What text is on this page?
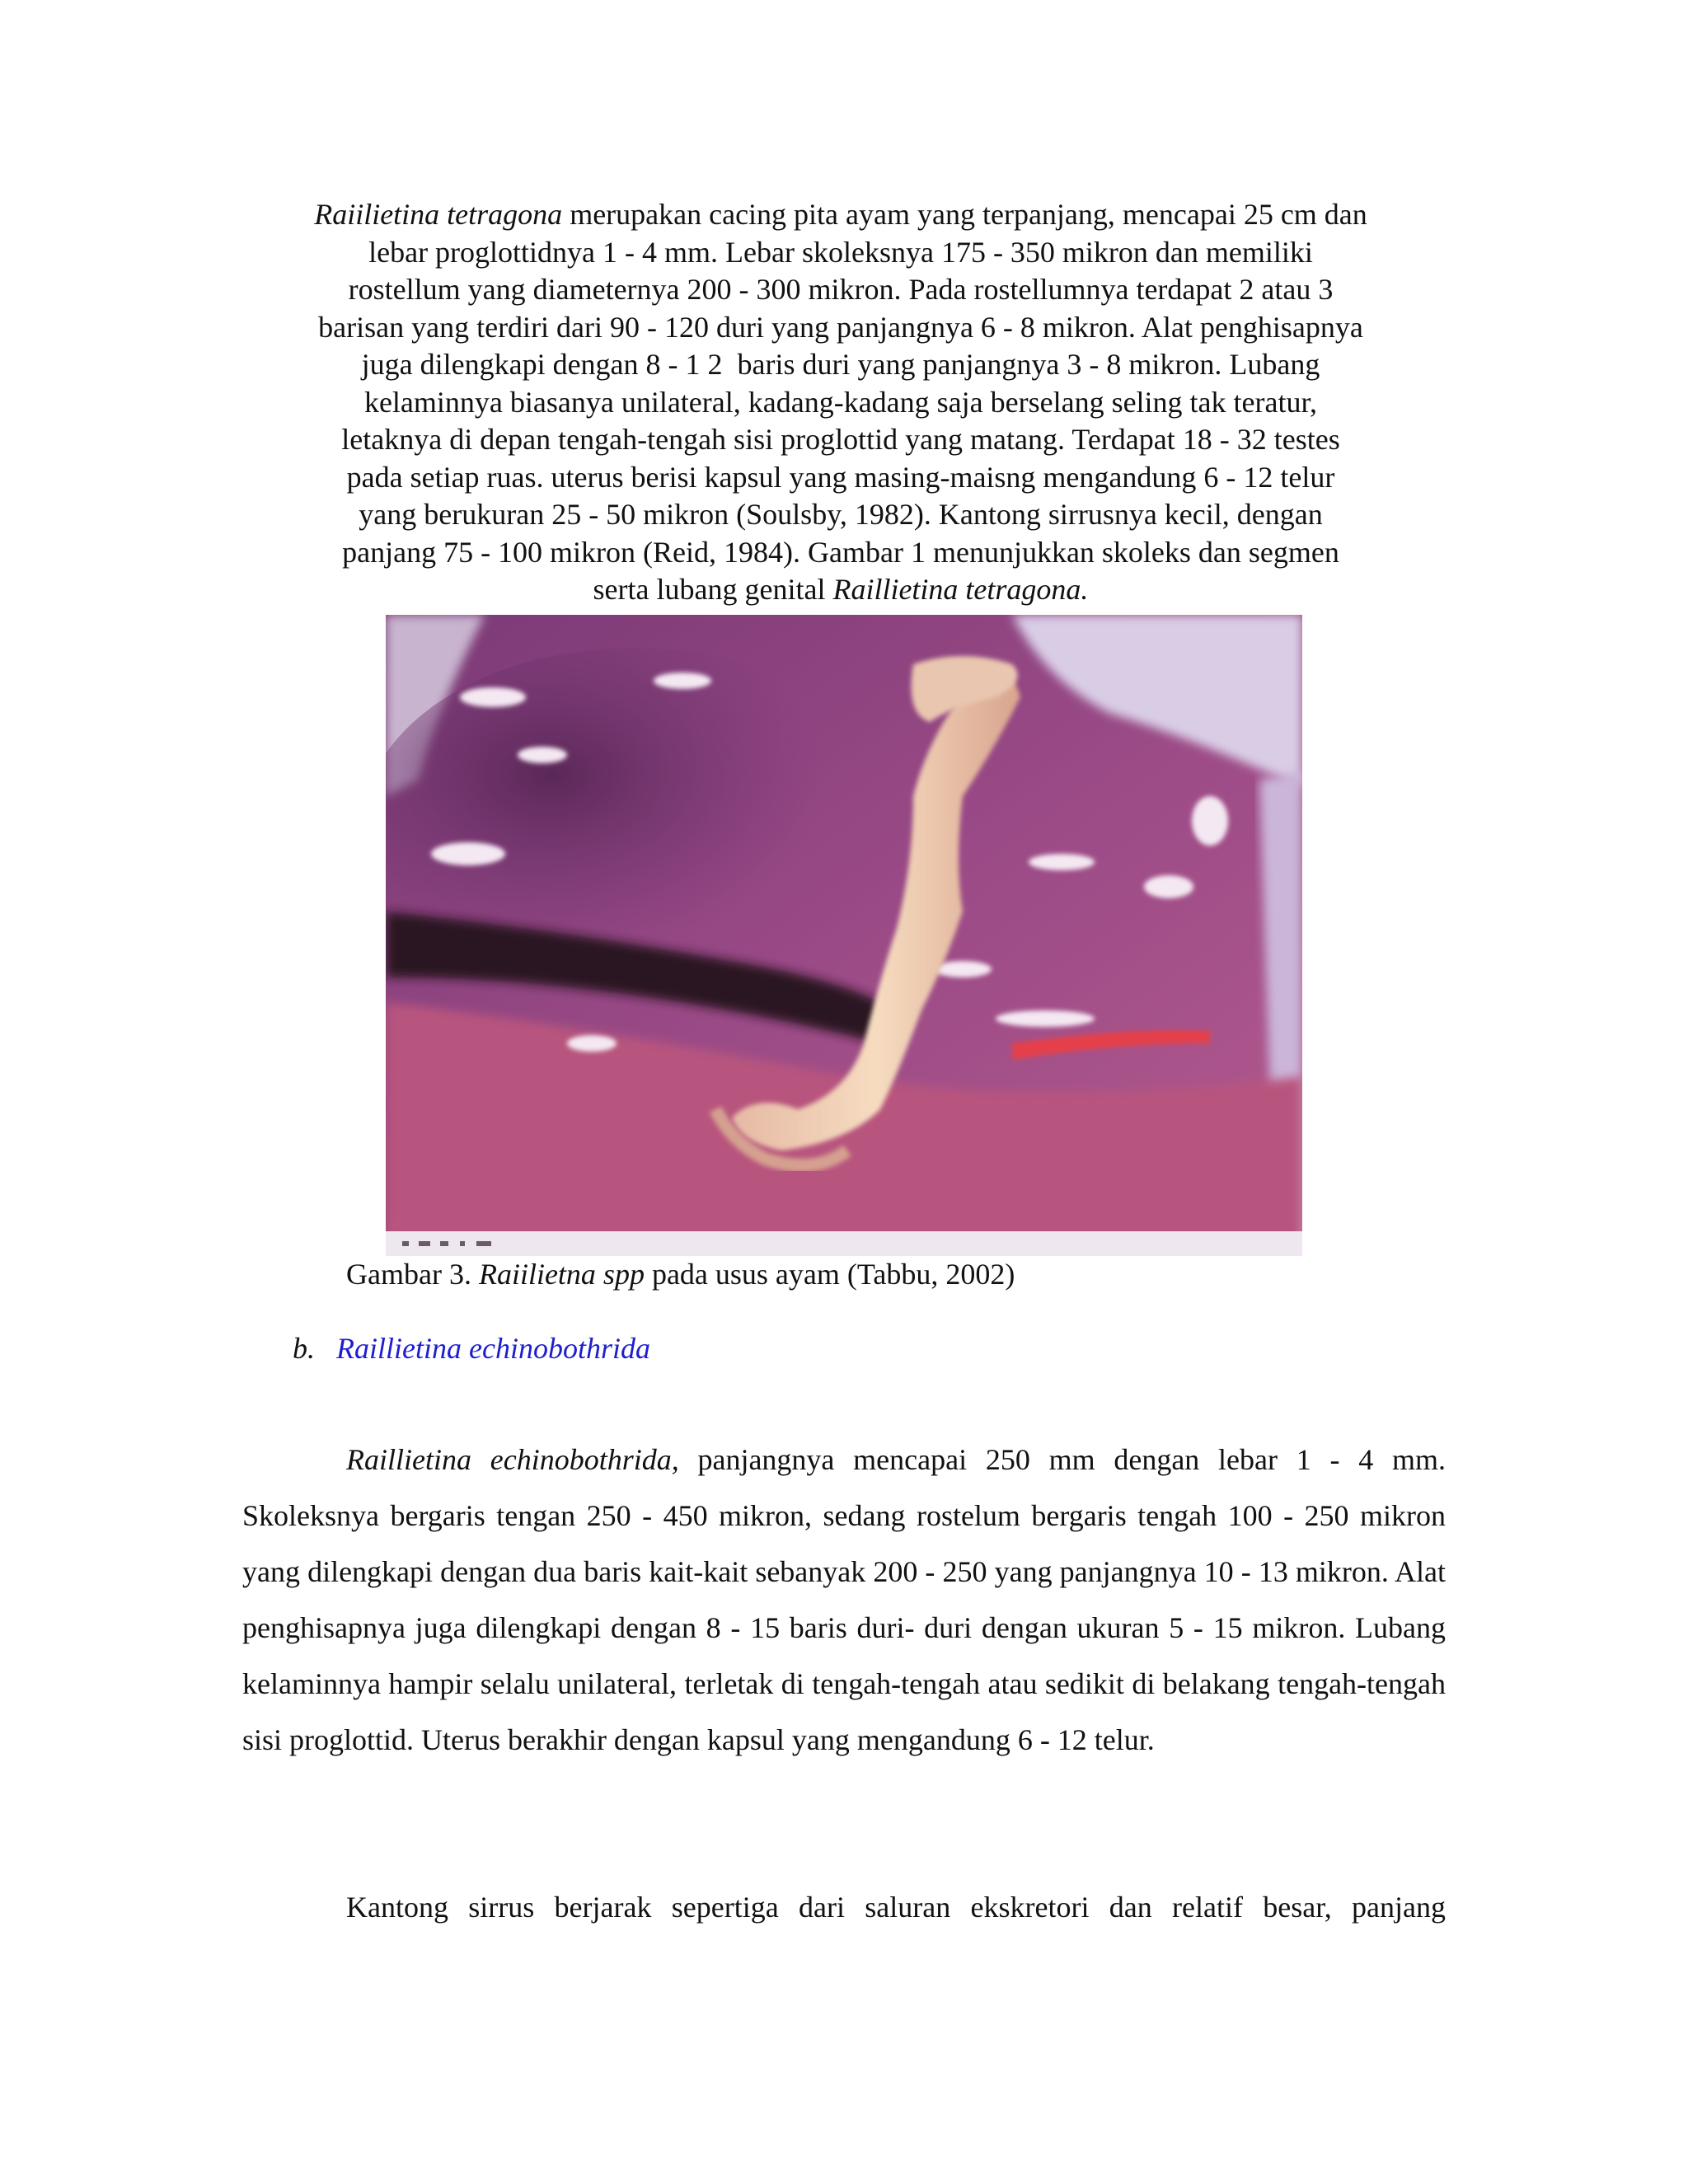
Raiilietina tetragona merupakan cacing pita ayam yang terpanjang, mencapai 25 cm dan

lebar proglottidnya 1 - 4 mm. Lebar skoleksnya 175 - 350 mikron dan memiliki

rostellum yang diameternya 200 - 300 mikron. Pada rostellumnya terdapat 2 atau 3

barisan yang terdiri dari 90 - 120 duri yang panjangnya 6 - 8 mikron. Alat penghisapnya

juga dilengkapi dengan 8 - 1 2  baris duri yang panjangnya 3 - 8 mikron. Lubang

kelaminnya biasanya unilateral, kadang-kadang saja berselang seling tak teratur,

letaknya di depan tengah-tengah sisi proglottid yang matang. Terdapat 18 - 32 testes

pada setiap ruas. uterus berisi kapsul yang masing-maisng mengandung 6 - 12 telur

yang berukuran 25 - 50 mikron (Soulsby, 1982). Kantong sirrusnya kecil, dengan

panjang 75 - 100 mikron (Reid, 1984). Gambar 1 menunjukkan skoleks dan segmen

serta lubang genital Raillietina tetragona.

Gambar 3. Raiilietna spp pada usus ayam (Tabbu, 2002)
b. Raillietina echinobothrida

Raillietina echinobothrida, panjangnya mencapai 250 mm dengan lebar 1 - 4 mm. Skoleksnya bergaris tengan 250 - 450 mikron, sedang rostelum bergaris tengah 100 - 250 mikron yang dilengkapi dengan dua baris kait-kait sebanyak 200 - 250 yang panjangnya 10 - 13 mikron. Alat penghisapnya juga dilengkapi dengan 8 - 15 baris duri- duri dengan ukuran 5 - 15 mikron. Lubang kelaminnya hampir selalu unilateral, terletak di tengah-tengah atau sedikit di belakang tengah-tengah sisi proglottid. Uterus berakhir dengan kapsul yang mengandung 6 - 12 telur.

Kantong sirrus berjarak sepertiga dari saluran ekskretori dan relatif besar, panjang
